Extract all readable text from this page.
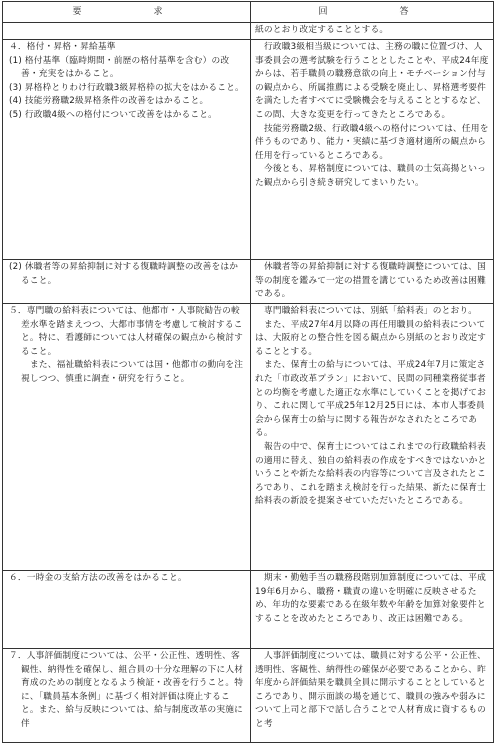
要　　求	回　　答

紙のとおり改定することとする。

４．格付・昇格・昇給基準

(1) 格付基準（臨時期間・前歴の格付基準を含む）の改善・充実をはかること。

(3) 昇格枠とりわけ行政職3級昇格枠の拡大をはかること。

(4) 技能労務職2級昇格条件の改善をはかること。

(5) 行政職4級への格付について改善をはかること。

行政職3級相当級については、主務の職に位置づけ、人事委員会の選考試験を行うこととしたことや、平成24年度からは、若手職員の職務意欲の向上・モチベーション付与の観点から、所属推薦による受験を廃止し、昇格選考要件を満たした者すべてに受験機会を与えることとするなど、この間、大きな変更を行ってきたところである。

技能労務職2級、行政職4級への格付については、任用を伴うものであり、能力・実績に基づき適材適所の観点から任用を行っているところである。

今後とも、昇格制度については、職員の士気高揚といった観点から引き続き研究してまいりたい。

(2) 休職者等の昇給抑制に対する復職時調整の改善をはかること。

休職者等の昇給抑制に対する復職時調整については、国等の制度を鑑みて一定の措置を講じているため改善は困難である。

５．専門職の給料表については、他都市・人事院勧告の較差水準を踏まえつつ、大都市事情を考慮して検討すること。特に、看護師については人材確保の観点から検討すること。

また、福祉職給料表については国・他都市の動向を注視しつつ、慎重に調査・研究を行うこと。

専門職給料表については、別紙「給料表」のとおり。

また、平成27年4月以降の再任用職員の給料表については、大阪府との整合性を図る観点から別紙のとおり改定することとする。

また、保育士の給与については、平成24年7月に策定された「市政改革プラン」において、民間の同種業務従事者との均衡を考慮した適正な水準にしていくことを掲げており、これに関して平成25年12月25日には、本市人事委員会から保育士の給与に関する報告がなされたところである。

報告の中で、保育士についてはこれまでの行政職給料表の適用に替え、独自の給料表の作成をすべきではないかということや新たな給料表の内容等について言及されたところであり、これを踏まえ検討を行った結果、新たに保育士給料表の新設を提案させていただいたところである。

６．一時金の支給方法の改善をはかること。	期末・勤勉手当の職務段階別加算制度については、平成19年6月から、職務・職責の違いを明確に反映させるため、年功的な要素である在級年数や年齢を加算対象要件とすることを改めたところであり、改正は困難である。

７．人事評価制度については、公平・公正性、透明性、客観性、納得性を確保し、組合員の十分な理解の下に人材育成のための制度となるよう検証・改善を行うこと。特に、「職員基本条例」に基づく相対評価は廃止すること。また、給与反映については、給与制度改革の実施に伴

人事評価制度については、職員に対する公平・公正性、透明性、客観性、納得性の確保が必要であることから、昨年度から評価結果を職員全員に開示することとしているところであり、開示面談の場を通じて、職員の強みや弱みについて上司と部下で話し合うことで人材育成に資するものと考
